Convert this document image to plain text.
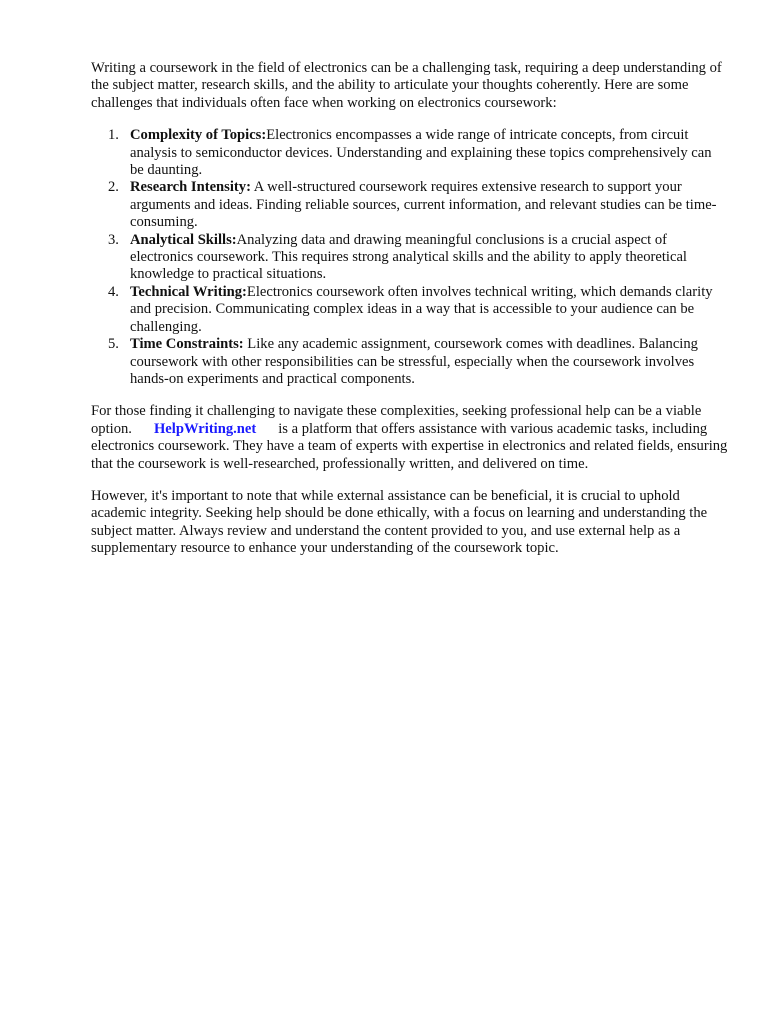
Writing a coursework in the field of electronics can be a challenging task, requiring a deep understanding of the subject matter, research skills, and the ability to articulate your thoughts coherently. Here are some challenges that individuals often face when working on electronics coursework:

1. Complexity of Topics:Electronics encompasses a wide range of intricate concepts, from circuit analysis to semiconductor devices. Understanding and explaining these topics comprehensively can be daunting.
2. Research Intensity: A well-structured coursework requires extensive research to support your arguments and ideas. Finding reliable sources, current information, and relevant studies can be time-consuming.
3. Analytical Skills:Analyzing data and drawing meaningful conclusions is a crucial aspect of electronics coursework. This requires strong analytical skills and the ability to apply theoretical knowledge to practical situations.
4. Technical Writing:Electronics coursework often involves technical writing, which demands clarity and precision. Communicating complex ideas in a way that is accessible to your audience can be challenging.
5. Time Constraints: Like any academic assignment, coursework comes with deadlines. Balancing coursework with other responsibilities can be stressful, especially when the coursework involves hands-on experiments and practical components.

For those finding it challenging to navigate these complexities, seeking professional help can be a viable option. HelpWriting.net is a platform that offers assistance with various academic tasks, including electronics coursework. They have a team of experts with expertise in electronics and related fields, ensuring that the coursework is well-researched, professionally written, and delivered on time.

However, it's important to note that while external assistance can be beneficial, it is crucial to uphold academic integrity. Seeking help should be done ethically, with a focus on learning and understanding the subject matter. Always review and understand the content provided to you, and use external help as a supplementary resource to enhance your understanding of the coursework topic.
